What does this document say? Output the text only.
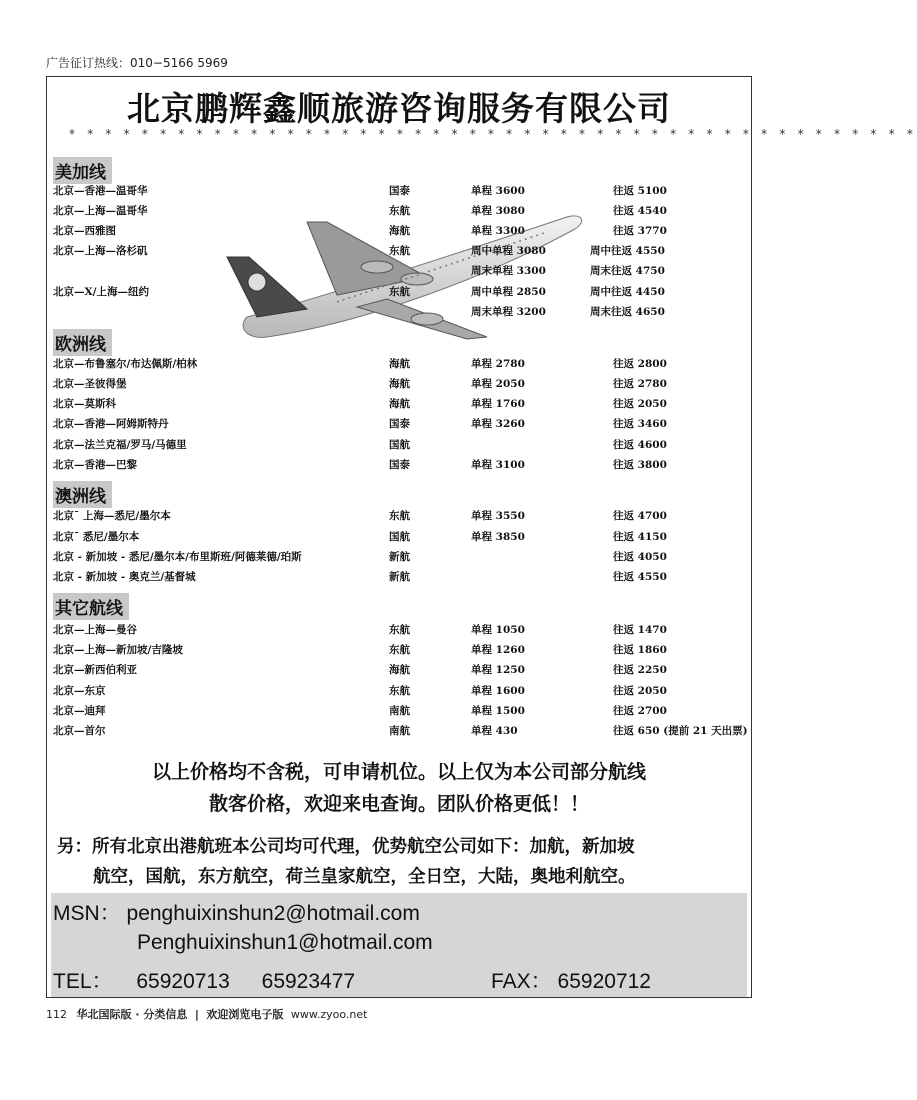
广告征订热线：010−5166 5969
北京鹏辉鑫顺旅游咨询服务有限公司
* * * * * * * * * * * * * * * * * * * * * * * * * * * * * * * * * * * * * * * * * * * * * * *
美加线
北京—香港—温哥华	国泰	单程 3600	往返 5100
北京—上海—温哥华	东航	单程 3080	往返 4540
北京—西雅图	海航	单程 3300	往返 3770
北京—上海—洛杉矶	东航	周中单程 3080	周中往返 4550
周末单程 3300	周末往返 4750
北京—X/上海—纽约	东航	周中单程 2850	周中往返 4450
周末单程 3200	周末往返 4650
欧洲线
北京—布鲁塞尔/布达佩斯/柏林	海航	单程 2780	往返 2800
北京—圣彼得堡	海航	单程 2050	往返 2780
北京—莫斯科	海航	单程 1760	往返 2050
北京—香港—阿姆斯特丹	国泰	单程 3260	往返 3460
北京—法兰克福/罗马/马德里	国航	往返 4600
北京—香港—巴黎	国泰	单程 3100	往返 3800
澳洲线
北京¯ 上海—悉尼/墨尔本	东航	单程 3550	往返 4700
北京¯ 悉尼/墨尔本	国航	单程 3850	往返 4150
北京 - 新加坡 - 悉尼/墨尔本/布里斯班/阿德莱德/珀斯	新航	往返 4050
北京 - 新加坡 - 奥克兰/基督城	新航	往返 4550
其它航线
北京—上海—曼谷	东航	单程 1050	往返 1470
北京—上海—新加坡/吉隆坡	东航	单程 1260	往返 1860
北京—新西伯利亚	海航	单程 1250	往返 2250
北京—东京	东航	单程 1600	往返 2050
北京—迪拜	南航	单程 1500	往返 2700
北京—首尔	南航	单程 430	往返 650 (提前 21 天出票)
以上价格均不含税，可申请机位。以上仅为本公司部分航线
散客价格，欢迎来电查询。团队价格更低！！
另：所有北京出港航班本公司均可代理，优势航空公司如下：加航，新加坡
航空，国航，东方航空，荷兰皇家航空，全日空，大陆，奥地利航空。
MSN： penghuixinshun2@hotmail.com
Penghuixinshun1@hotmail.com
TEL： 65920713 65923477	FAX： 65920712
112 华北国际版 · 分类信息 | 欢迎浏览电子版 www.zyoo.net
